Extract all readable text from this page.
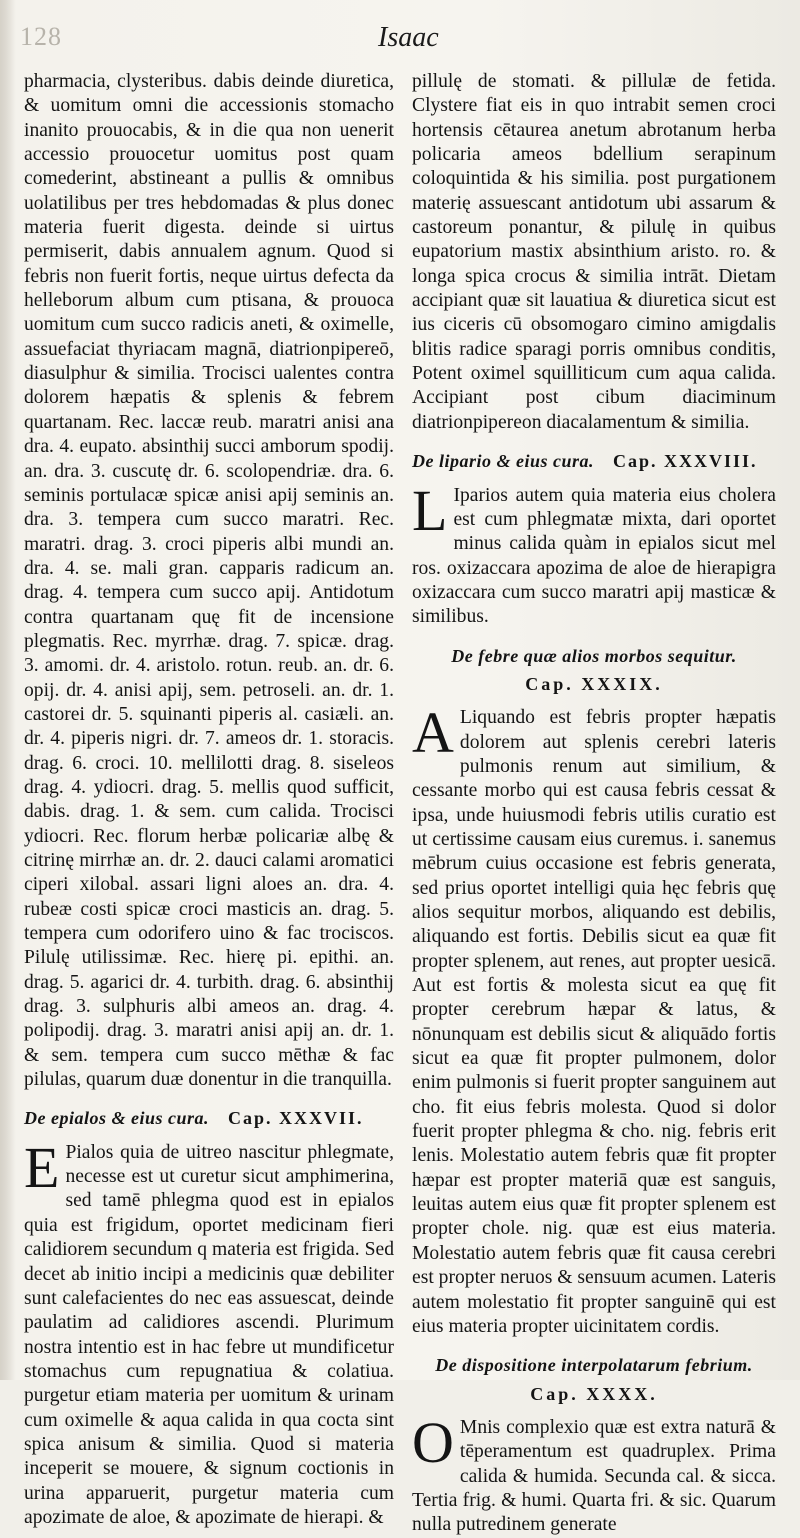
128	Isaac

pharmacia, clysteribus. dabis deinde diuretica, & uomitum omni die accessionis stomacho inanito prouocabis, & in die qua non uenerit accessio prouocetur uomitus post quam comederint, abstineant a pullis & omnibus uolatilibus per tres hebdomadas & plus donec materia fuerit digesta. deinde si uirtus permiserit, dabis annualem agnum. Quod si febris non fuerit fortis, neque uirtus defecta da helleborum album cum ptisana, & prouoca uomitum cum succo radicis aneti, & oximelle, assuefaciat thyriacam magnā, diatrionpipereō, diasulphur & similia. Trocisci ualentes contra dolorem hæpatis & splenis & febrem quartanam. Rec. laccæ reub. maratri anisi ana dra. 4. eupato. absinthij succi amborum spodij. an. dra. 3. cuscutę dr. 6. scolopendriæ. dra. 6. seminis portulacæ spicæ anisi apij seminis an. dra. 3. tempera cum succo maratri. Rec. maratri. drag. 3. croci piperis albi mundi an. dra. 4. se. mali gran. capparis radicum an. drag. 4. tempera cum succo apij. Antidotum contra quartanam quę fit de incensione plegmatis. Rec. myrrhæ. drag. 7. spicæ. drag. 3. amomi. dr. 4. aristolo. rotun. reub. an. dr. 6. opij. dr. 4. anisi apij, sem. petroseli. an. dr. 1. castorei dr. 5. squinanti piperis al. casiæli. an. dr. 4. piperis nigri. dr. 7. ameos dr. 1. storacis. drag. 6. croci. 10. mellilotti drag. 8. siseleos drag. 4. ydiocri. drag. 5. mellis quod sufficit, dabis. drag. 1. & sem. cum calida. Trocisci ydiocri. Rec. florum herbæ policariæ albę & citrinę mirrhæ an. dr. 2. dauci calami aromatici ciperi xilobal. assari ligni aloes an. dra. 4. rubeæ costi spicæ croci masticis an. drag. 5. tempera cum odorifero uino & fac trociscos. Pilulę utilissimæ. Rec. hierę pi. epithi. an. drag. 5. agarici dr. 4. turbith. drag. 6. absinthij drag. 3. sulphuris albi ameos an. drag. 4. polipodij. drag. 3. maratri anisi apij an. dr. 1. & sem. tempera cum succo mēthæ & fac pilulas, quarum duæ donentur in die tranquilla.

De epialos & eius cura. Cap. XXXVII.

E Pialos quia de uitreo nascitur phlegmate, necesse est ut curetur sicut amphimerina, sed tamē phlegma quod est in epialos quia est frigidum, oportet medicinam fieri calidiorem secundum q materia est frigida. Sed decet ab initio incipi a medicinis quæ debiliter sunt calefacientes do nec eas assuescat, deinde paulatim ad calidiores ascendi. Plurimum nostra intentio est in hac febre ut mundificetur stomachus cum repugnatiua & colatiua. purgetur etiam materia per uomitum & urinam cum oximelle & aqua calida in qua cocta sint spica anisum & similia. Quod si materia inceperit se mouere, & signum coctionis in urina apparuerit, purgetur materia cum apozimate de aloe, & apozimate de hierapi. &

pillulę de stomati. & pillulæ de fetida. Clystere fiat eis in quo intrabit semen croci hortensis cētaurea anetum abrotanum herba policaria ameos bdellium serapinum coloquintida & his similia. post purgationem materię assuescant antidotum ubi assarum & castoreum ponantur, & pilulę in quibus eupatorium mastix absinthium aristo. ro. & longa spica crocus & similia intrāt. Dietam accipiant quæ sit lauatiua & diuretica sicut est ius ciceris cū obsomogaro cimino amigdalis blitis radice sparagi porris omnibus conditis, Potent oximel squilliticum cum aqua calida. Accipiant post cibum diaciminum diatrionpipereon diacalamentum & similia.

De lipario & eius cura. Cap. XXXVIII.

L Iparios autem quia materia eius cholera est cum phlegmatæ mixta, dari oportet minus calida quàm in epialos sicut mel ros. oxizaccara apozima de aloe de hierapigra oxizaccara cum succo maratri apij masticæ & similibus.

De febre quæ alios morbos sequitur.
Cap. XXXIX.

A Liquando est febris propter hæpatis dolorem aut splenis cerebri lateris pulmonis renum aut similium, & cessante morbo qui est causa febris cessat & ipsa, unde huiusmodi febris utilis curatio est ut certissime causam eius curemus. i. sanemus mēbrum cuius occasione est febris generata, sed prius oportet intelligi quia hęc febris quę alios sequitur morbos, aliquando est debilis, aliquando est fortis. Debilis sicut ea quæ fit propter splenem, aut renes, aut propter uesicā. Aut est fortis & molesta sicut ea quę fit propter cerebrum hæpar & latus, & nōnunquam est debilis sicut & aliquādo fortis sicut ea quæ fit propter pulmonem, dolor enim pulmonis si fuerit propter sanguinem aut cho. fit eius febris molesta. Quod si dolor fuerit propter phlegma & cho. nig. febris erit lenis. Molestatio autem febris quæ fit propter hæpar est propter materiā quæ est sanguis, leuitas autem eius quæ fit propter splenem est propter chole. nig. quæ est eius materia. Molestatio autem febris quæ fit causa cerebri est propter neruos & sensuum acumen. Lateris autem molestatio fit propter sanguinē qui est eius materia propter uicinitatem cordis.

De dispositione interpolatarum febrium.
Cap. XXXX.

O Mnis complexio quæ est extra naturā & tēperamentum est quadruplex. Prima calida & humida. Secunda cal. & sicca. Tertia frig. & humi. Quarta fri. & sic. Quarum nulla putredinem generate
